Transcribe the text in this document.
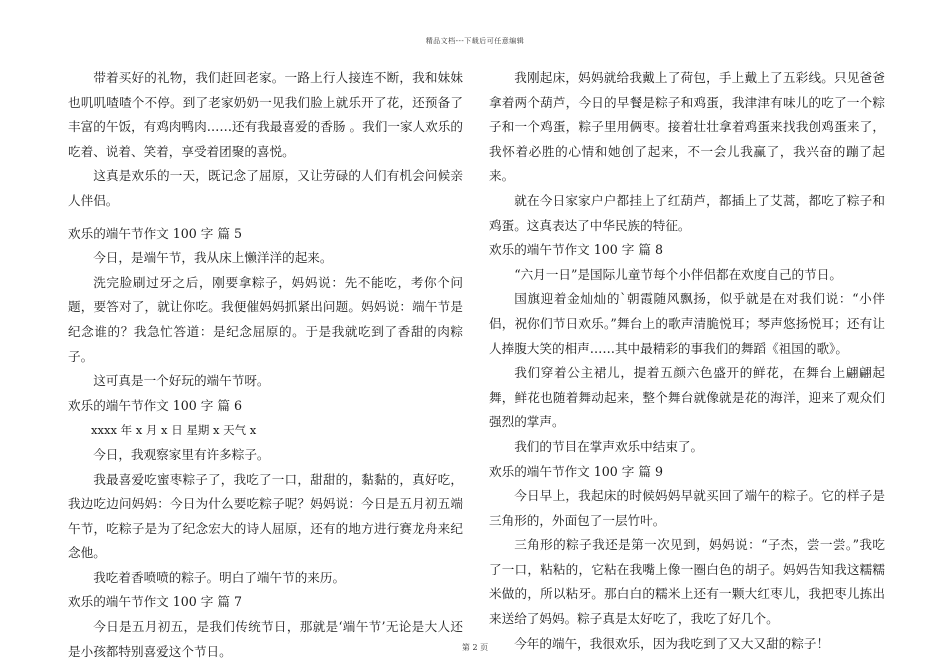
精品文档---下载后可任意编辑

带着买好的礼物，我们赶回老家。一路上行人接连不断，我和妹妹也叽叽喳喳个不停。到了老家奶奶一见我们脸上就乐开了花，还预备了丰富的午饭，有鸡肉鸭肉……还有我最喜爱的香肠 。我们一家人欢乐的吃着、说着、笑着，享受着团聚的喜悦。

这真是欢乐的一天，既记念了屈原，又让劳碌的人们有机会问候亲人伴侣。

欢乐的端午节作文 100 字 篇 5

今日，是端午节，我从床上懒洋洋的起来。

洗完脸刷过牙之后，刚要拿粽子，妈妈说：先不能吃，考你个问题，要答对了，就让你吃。我便催妈妈抓紧出问题。妈妈说：端午节是纪念谁的？我急忙答道：是纪念屈原的。于是我就吃到了香甜的肉粽子。

这可真是一个好玩的端午节呀。

欢乐的端午节作文 100 字 篇 6

xxxx 年 x 月 x 日 星期 x 天气 x

今日，我观察家里有许多粽子。

我最喜爱吃蜜枣粽子了，我吃了一口，甜甜的，黏黏的，真好吃，我边吃边问妈妈：今日为什么要吃粽子呢？妈妈说：今日是五月初五端午节，吃粽子是为了纪念宏大的诗人屈原，还有的地方进行赛龙舟来纪念他。

我吃着香喷喷的粽子。明白了端午节的来历。

欢乐的端午节作文 100 字 篇 7

今日是五月初五，是我们传统节日，那就是‘端午节’无论是大人还是小孩都特别喜爱这个节日。

我刚起床，妈妈就给我戴上了荷包，手上戴上了五彩线。只见爸爸拿着两个葫芦，今日的早餐是粽子和鸡蛋，我津津有味儿的吃了一个粽子和一个鸡蛋，粽子里用俩枣。接着壮壮拿着鸡蛋来找我创鸡蛋来了，我怀着必胜的心情和她创了起来，不一会儿我赢了，我兴奋的蹦了起来。

就在今日家家户户都挂上了红葫芦，都插上了艾蒿，都吃了粽子和鸡蛋。这真表达了中华民族的特征。

欢乐的端午节作文 100 字 篇 8

“六月一日”是国际儿童节每个小伴侣都在欢度自己的节日。

国旗迎着金灿灿的`朝霞随风飘扬，似乎就是在对我们说：“小伴侣，祝你们节日欢乐。”舞台上的歌声清脆悦耳；琴声悠扬悦耳；还有让人捧腹大笑的相声……其中最精彩的事我们的舞蹈《祖国的歌》。

我们穿着公主裙儿，提着五颜六色盛开的鲜花，在舞台上翩翩起舞，鲜花也随着舞动起来，整个舞台就像就是花的海洋，迎来了观众们强烈的掌声。

我们的节目在掌声欢乐中结束了。

欢乐的端午节作文 100 字 篇 9

今日早上，我起床的时候妈妈早就买回了端午的粽子。它的样子是三角形的，外面包了一层竹叶。

三角形的粽子我还是第一次见到，妈妈说：“子杰，尝一尝。”我吃了一口，粘粘的，它粘在我嘴上像一圈白色的胡子。妈妈告知我这糯糯米做的，所以粘牙。那白白的糯米上还有一颗大红枣儿，我把枣儿拣出来送给了妈妈。粽子真是太好吃了，我吃了好几个。

今年的端午，我很欢乐，因为我吃到了又大又甜的粽子！

第 2 页
